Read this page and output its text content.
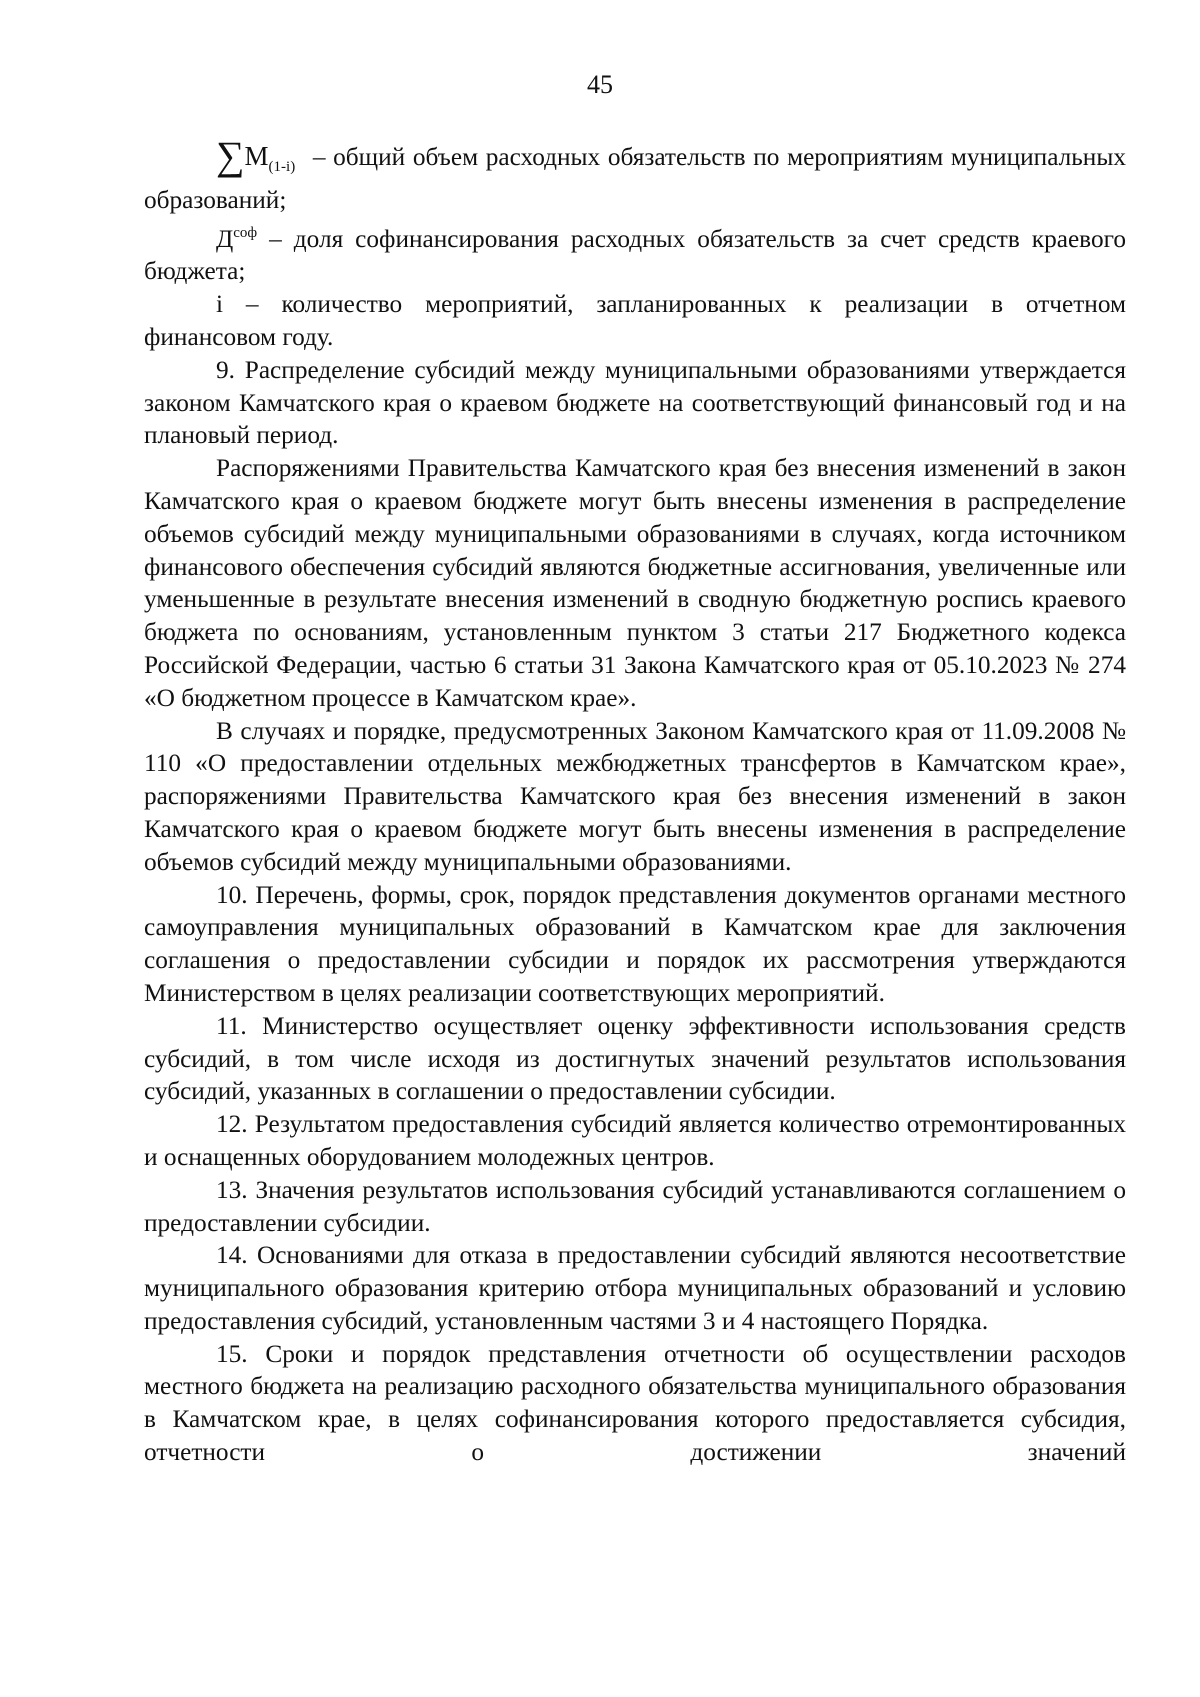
45

$\sum M_{(1-i)}$ – общий объем расходных обязательств по мероприятиям муниципальных образований;

$Д^{соф}$ – доля софинансирования расходных обязательств за счет средств краевого бюджета;

i – количество мероприятий, запланированных к реализации в отчетном финансовом году.

9. Распределение субсидий между муниципальными образованиями утверждается законом Камчатского края о краевом бюджете на соответствующий финансовый год и на плановый период.

Распоряжениями Правительства Камчатского края без внесения изменений в закон Камчатского края о краевом бюджете могут быть внесены изменения в распределение объемов субсидий между муниципальными образованиями в случаях, когда источником финансового обеспечения субсидий являются бюджетные ассигнования, увеличенные или уменьшенные в результате внесения изменений в сводную бюджетную роспись краевого бюджета по основаниям, установленным пунктом 3 статьи 217 Бюджетного кодекса Российской Федерации, частью 6 статьи 31 Закона Камчатского края от 05.10.2023 № 274 «О бюджетном процессе в Камчатском крае».

В случаях и порядке, предусмотренных Законом Камчатского края от 11.09.2008 № 110 «О предоставлении отдельных межбюджетных трансфертов в Камчатском крае», распоряжениями Правительства Камчатского края без внесения изменений в закон Камчатского края о краевом бюджете могут быть внесены изменения в распределение объемов субсидий между муниципальными образованиями.

10. Перечень, формы, срок, порядок представления документов органами местного самоуправления муниципальных образований в Камчатском крае для заключения соглашения о предоставлении субсидии и порядок их рассмотрения утверждаются Министерством в целях реализации соответствующих мероприятий.

11. Министерство осуществляет оценку эффективности использования средств субсидий, в том числе исходя из достигнутых значений результатов использования субсидий, указанных в соглашении о предоставлении субсидии.

12. Результатом предоставления субсидий является количество отремонтированных и оснащенных оборудованием молодежных центров.

13. Значения результатов использования субсидий устанавливаются соглашением о предоставлении субсидии.

14. Основаниями для отказа в предоставлении субсидий являются несоответствие муниципального образования критерию отбора муниципальных образований и условию предоставления субсидий, установленным частями 3 и 4 настоящего Порядка.

15. Сроки и порядок представления отчетности об осуществлении расходов местного бюджета на реализацию расходного обязательства муниципального образования в Камчатском крае, в целях софинансирования которого предоставляется субсидия, отчетности о достижении значений
